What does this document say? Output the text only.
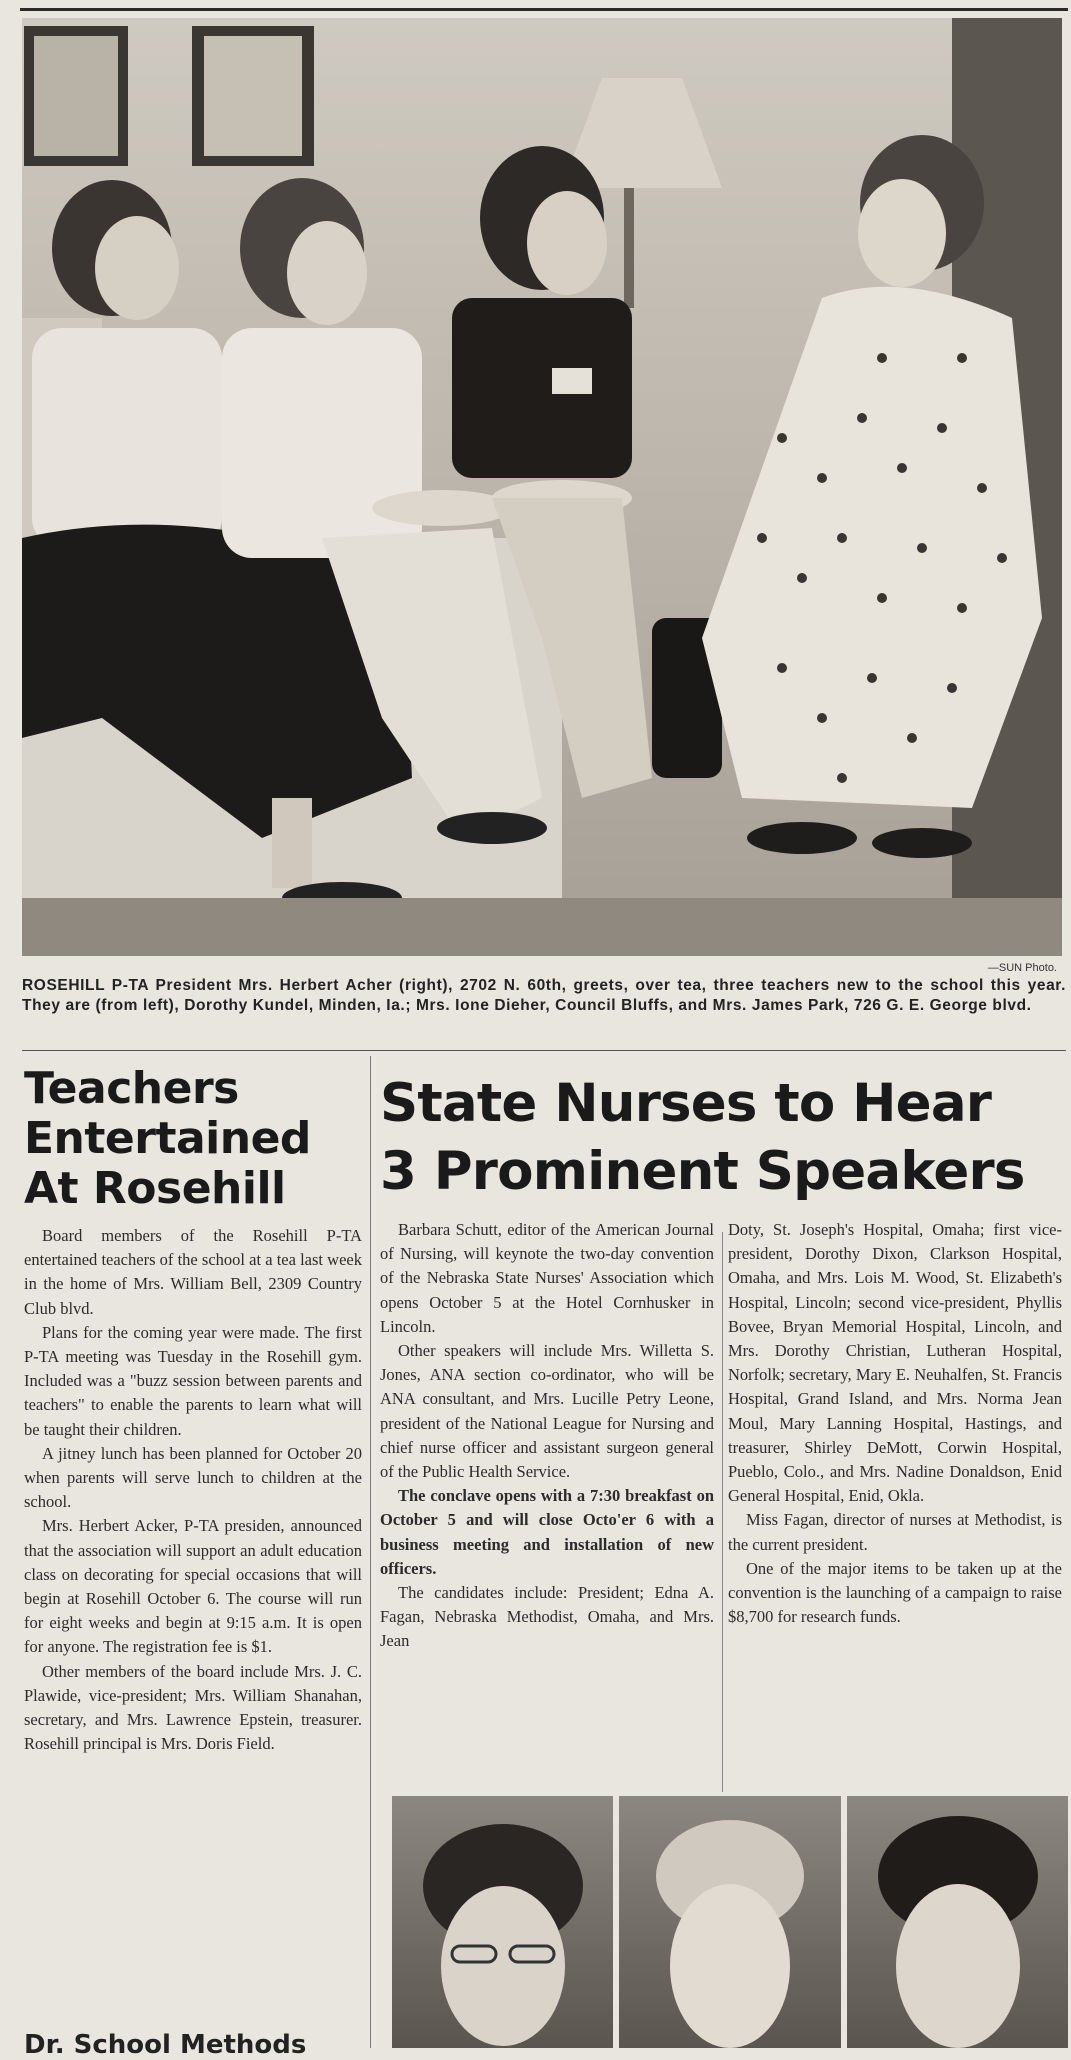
—SUN Photo.
ROSEHILL P-TA President Mrs. Herbert Acher (right), 2702 N. 60th, greets, over tea, three teachers new to the school this year. They are (from left), Dorothy Kundel, Minden, Ia.; Mrs. Ione Dieher, Council Bluffs, and Mrs. James Park, 726 G. E. George blvd.
Teachers
Entertained
At Rosehill

Board members of the Rosehill P-TA entertained teachers of the school at a tea last week in the home of Mrs. William Bell, 2309 Country Club blvd.

Plans for the coming year were made. The first P-TA meeting was Tuesday in the Rosehill gym. Included was a "buzz session between parents and teachers" to enable the parents to learn what will be taught their children.

A jitney lunch has been planned for October 20 when parents will serve lunch to children at the school.

Mrs. Herbert Acker, P-TA presiden, announced that the association will support an adult education class on decorating for special occasions that will begin at Rosehill October 6. The course will run for eight weeks and begin at 9:15 a.m. It is open for anyone. The registration fee is $1.

Other members of the board include Mrs. J. C. Plawide, vice-president; Mrs. William Shanahan, secretary, and Mrs. Lawrence Epstein, treasurer. Rosehill principal is Mrs. Doris Field.

Dr. School Methods
State Nurses to Hear
3 Prominent Speakers

Barbara Schutt, editor of the American Journal of Nursing, will keynote the two-day convention of the Nebraska State Nurses' Association which opens October 5 at the Hotel Cornhusker in Lincoln.

Other speakers will include Mrs. Willetta S. Jones, ANA section co-ordinator, who will be ANA consultant, and Mrs. Lucille Petry Leone, president of the National League for Nursing and chief nurse officer and assistant surgeon general of the Public Health Service.

The conclave opens with a 7:30 breakfast on October 5 and will close Octo'er 6 with a business meeting and installation of new officers.

The candidates include: President; Edna A. Fagan, Nebraska Methodist, Omaha, and Mrs. Jean

Doty, St. Joseph's Hospital, Omaha; first vice-president, Dorothy Dixon, Clarkson Hospital, Omaha, and Mrs. Lois M. Wood, St. Elizabeth's Hospital, Lincoln; second vice-president, Phyllis Bovee, Bryan Memorial Hospital, Lincoln, and Mrs. Dorothy Christian, Lutheran Hospital, Norfolk; secretary, Mary E. Neuhalfen, St. Francis Hospital, Grand Island, and Mrs. Norma Jean Moul, Mary Lanning Hospital, Hastings, and treasurer, Shirley DeMott, Corwin Hospital, Pueblo, Colo., and Mrs. Nadine Donaldson, Enid General Hospital, Enid, Okla.

Miss Fagan, director of nurses at Methodist, is the current president.

One of the major items to be taken up at the convention is the launching of a campaign to raise $8,700 for research funds.
